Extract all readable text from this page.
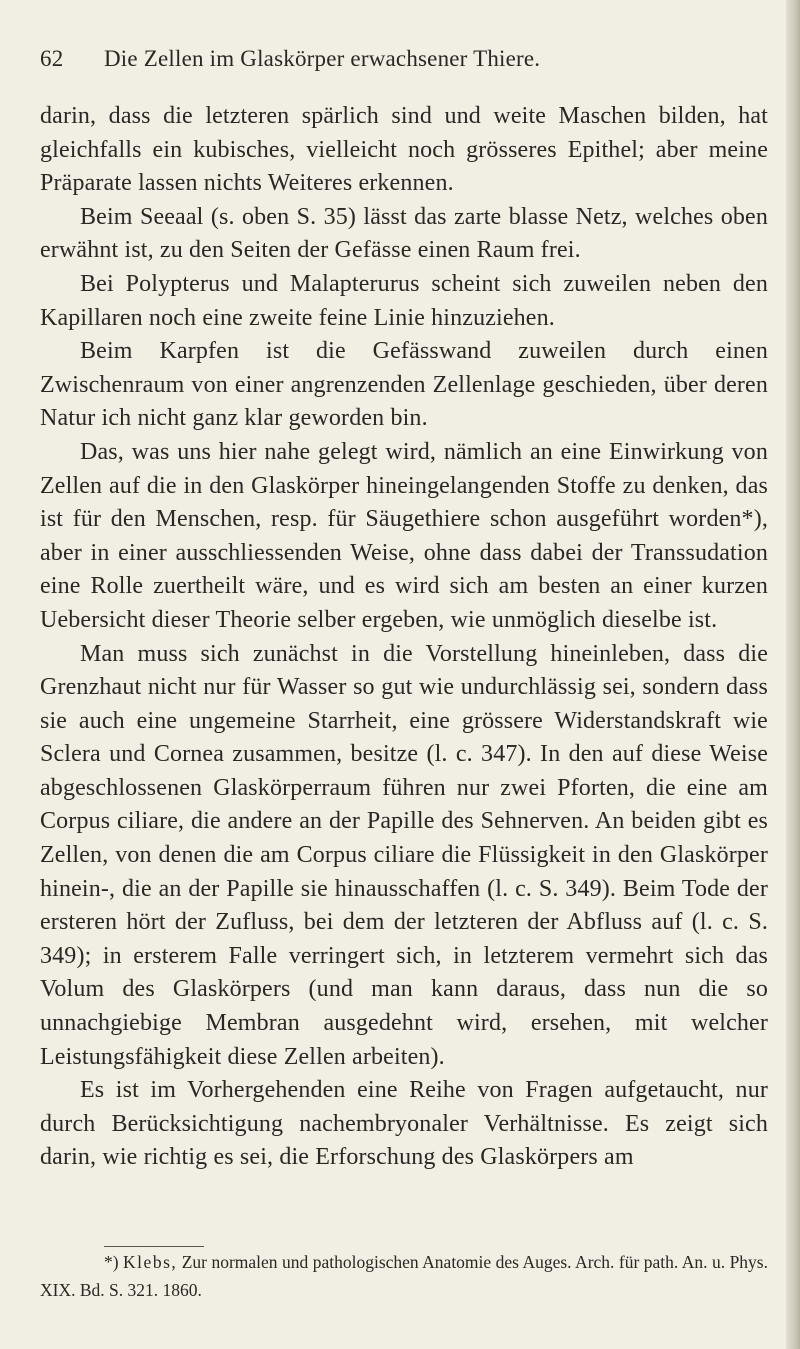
62 Die Zellen im Glaskörper erwachsener Thiere.

darin, dass die letzteren spärlich sind und weite Maschen bilden, hat gleichfalls ein kubisches, vielleicht noch grösseres Epithel; aber meine Präparate lassen nichts Weiteres erkennen.

Beim Seeaal (s. oben S. 35) lässt das zarte blasse Netz, welches oben erwähnt ist, zu den Seiten der Gefässe einen Raum frei.

Bei Polypterus und Malapterurus scheint sich zuweilen neben den Kapillaren noch eine zweite feine Linie hinzuziehen.

Beim Karpfen ist die Gefässwand zuweilen durch einen Zwischenraum von einer angrenzenden Zellenlage geschieden, über deren Natur ich nicht ganz klar geworden bin.

Das, was uns hier nahe gelegt wird, nämlich an eine Einwirkung von Zellen auf die in den Glaskörper hineingelangenden Stoffe zu denken, das ist für den Menschen, resp. für Säugethiere schon ausgeführt worden*), aber in einer ausschliessenden Weise, ohne dass dabei der Transsudation eine Rolle zuertheilt wäre, und es wird sich am besten an einer kurzen Uebersicht dieser Theorie selber ergeben, wie unmöglich dieselbe ist.

Man muss sich zunächst in die Vorstellung hineinleben, dass die Grenzhaut nicht nur für Wasser so gut wie undurchlässig sei, sondern dass sie auch eine ungemeine Starrheit, eine grössere Widerstandskraft wie Sclera und Cornea zusammen, besitze (l. c. 347). In den auf diese Weise abgeschlossenen Glaskörperraum führen nur zwei Pforten, die eine am Corpus ciliare, die andere an der Papille des Sehnerven. An beiden gibt es Zellen, von denen die am Corpus ciliare die Flüssigkeit in den Glaskörper hinein-, die an der Papille sie hinausschaffen (l. c. S. 349). Beim Tode der ersteren hört der Zufluss, bei dem der letzteren der Abfluss auf (l. c. S. 349); in ersterem Falle verringert sich, in letzterem vermehrt sich das Volum des Glaskörpers (und man kann daraus, dass nun die so unnachgiebige Membran ausgedehnt wird, ersehen, mit welcher Leistungsfähigkeit diese Zellen arbeiten).

Es ist im Vorhergehenden eine Reihe von Fragen aufgetaucht, nur durch Berücksichtigung nachembryonaler Verhältnisse. Es zeigt sich darin, wie richtig es sei, die Erforschung des Glaskörpers am

*) Klebs, Zur normalen und pathologischen Anatomie des Auges. Arch. für path. An. u. Phys. XIX. Bd. S. 321. 1860.
